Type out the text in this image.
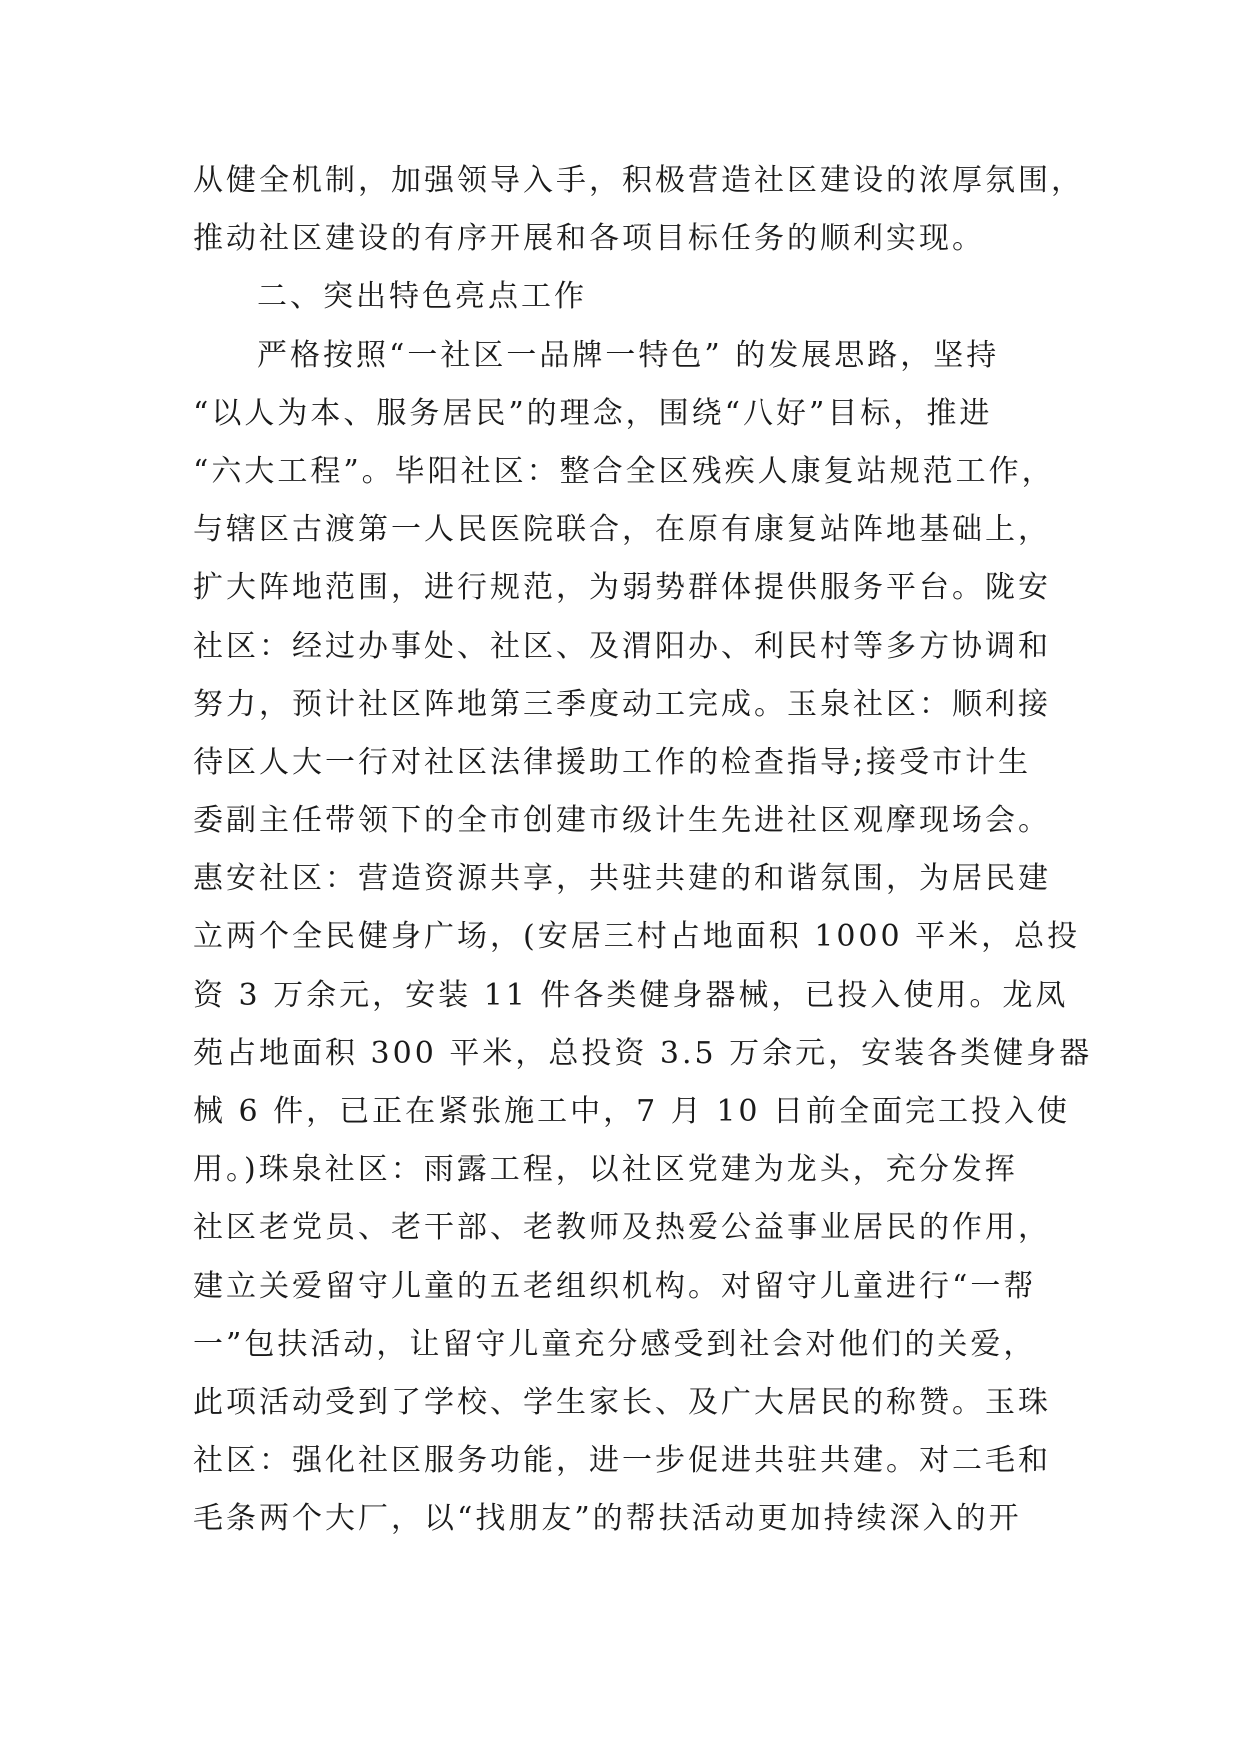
从健全机制，加强领导入手，积极营造社区建设的浓厚氛围，
推动社区建设的有序开展和各项目标任务的顺利实现。
二、突出特色亮点工作
严格按照“一社区一品牌一特色” 的发展思路，坚持
“以人为本、服务居民”的理念，围绕“八好”目标，推进
“六大工程”。毕阳社区：整合全区残疾人康复站规范工作，
与辖区古渡第一人民医院联合，在原有康复站阵地基础上，
扩大阵地范围，进行规范，为弱势群体提供服务平台。陇安
社区：经过办事处、社区、及渭阳办、利民村等多方协调和
努力，预计社区阵地第三季度动工完成。玉泉社区：顺利接
待区人大一行对社区法律援助工作的检查指导;接受市计生
委副主任带领下的全市创建市级计生先进社区观摩现场会。
惠安社区：营造资源共享，共驻共建的和谐氛围，为居民建
立两个全民健身广场，(安居三村占地面积 1000 平米，总投
资 3 万余元，安装 11 件各类健身器械，已投入使用。龙凤
苑占地面积 300 平米，总投资 3.5 万余元，安装各类健身器
械 6 件，已正在紧张施工中，7 月 10 日前全面完工投入使
用。)珠泉社区：雨露工程，以社区党建为龙头，充分发挥
社区老党员、老干部、老教师及热爱公益事业居民的作用，
建立关爱留守儿童的五老组织机构。对留守儿童进行“一帮
一”包扶活动，让留守儿童充分感受到社会对他们的关爱，
此项活动受到了学校、学生家长、及广大居民的称赞。玉珠
社区：强化社区服务功能，进一步促进共驻共建。对二毛和
毛条两个大厂，以“找朋友”的帮扶活动更加持续深入的开
